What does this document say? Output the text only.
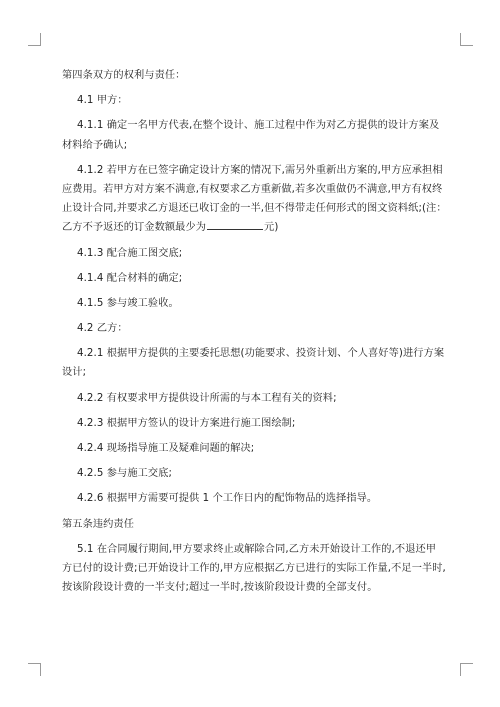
第四条双方的权利与责任：
4.1 甲方：
4.1.1 确定一名甲方代表,在整个设计、施工过程中作为对乙方提供的设计方案及
材料给予确认;
4.1.2 若甲方在已签字确定设计方案的情况下,需另外重新出方案的,甲方应承担相
应费用。若甲方对方案不满意,有权要求乙方重新做,若多次重做仍不满意,甲方有权终
止设计合同,并要求乙方退还已收订金的一半,但不得带走任何形式的图文资料纸;(注：
乙方不予返还的订金数额最少为	元)
4.1.3 配合施工图交底;
4.1.4 配合材料的确定;
4.1.5 参与竣工验收。
4.2 乙方：
4.2.1 根据甲方提供的主要委托思想(功能要求、投资计划、个人喜好等)进行方案
设计;
4.2.2 有权要求甲方提供设计所需的与本工程有关的资料;
4.2.3 根据甲方签认的设计方案进行施工图绘制;
4.2.4 现场指导施工及疑难问题的解决;
4.2.5 参与施工交底;
4.2.6 根据甲方需要可提供 1 个工作日内的配饰物品的选择指导。
第五条违约责任
5.1 在合同履行期间,甲方要求终止或解除合同,乙方未开始设计工作的,不退还甲
方已付的设计费;已开始设计工作的,甲方应根据乙方已进行的实际工作量,不足一半时,
按该阶段设计费的一半支付;超过一半时,按该阶段设计费的全部支付。
